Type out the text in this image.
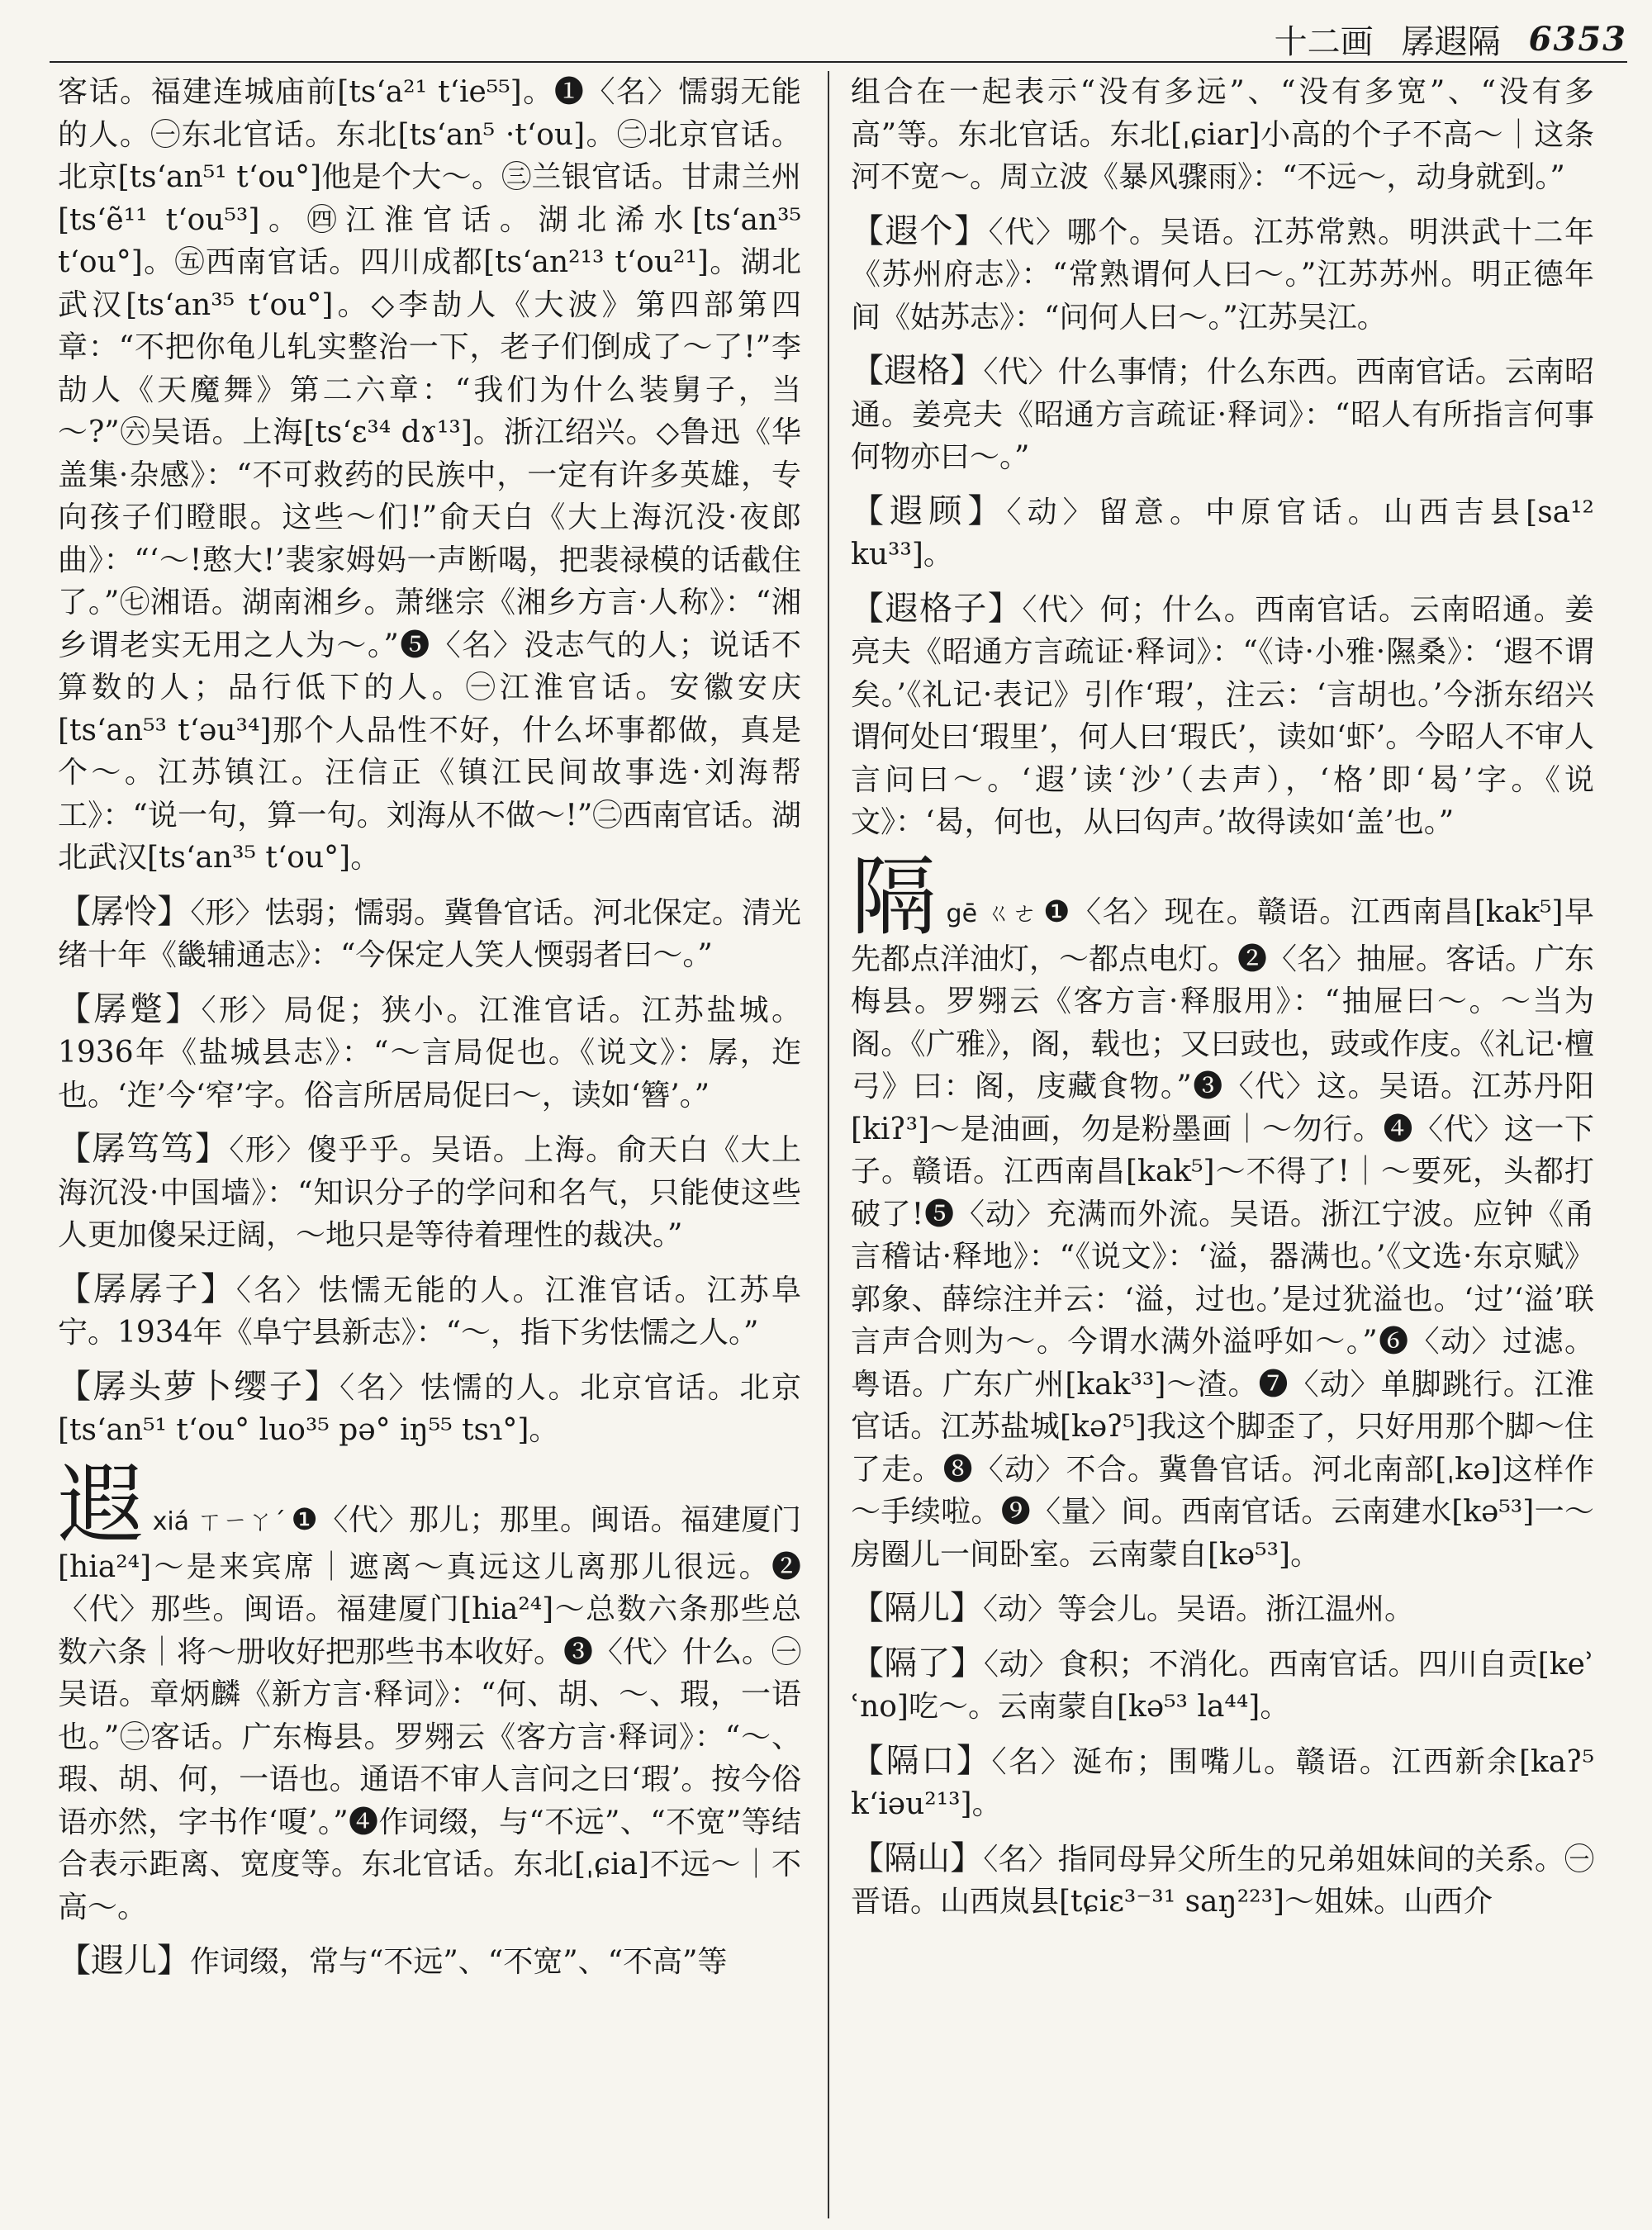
十二画 孱遐隔 6353
客话。福建连城庙前[tsʻa²¹ tʻie⁵⁵]。❶〈名〉懦弱无能的人。㊀东北官话。东北[tsʻan⁵ ·tʻou]。㊁北京官话。北京[tsʻan⁵¹ tʻou°]他是个大～。㊂兰银官话。甘肃兰州[tsʻẽ¹¹ tʻou⁵³]。㊃江淮官话。湖北浠水[tsʻan³⁵ tʻou°]。㊄西南官话。四川成都[tsʻan²¹³ tʻou²¹]。湖北武汉[tsʻan³⁵ tʻou°]。◇李劼人《大波》第四部第四章：“不把你龟儿轧实整治一下，老子们倒成了～了!”李劼人《天魔舞》第二六章：“我们为什么装舅子，当～?”㊅吴语。上海[tsʻɛ³⁴ dɤ¹³]。浙江绍兴。◇鲁迅《华盖集·杂感》：“不可救药的民族中，一定有许多英雄，专向孩子们瞪眼。这些～们!”俞天白《大上海沉没·夜郎曲》：“‘～!憨大!’裴家姆妈一声断喝，把裴禄模的话截住了。”㊆湘语。湖南湘乡。萧继宗《湘乡方言·人称》：“湘乡谓老实无用之人为～。”❺〈名〉没志气的人；说话不算数的人；品行低下的人。㊀江淮官话。安徽安庆[tsʻan⁵³ tʻəu³⁴]那个人品性不好，什么坏事都做，真是个～。江苏镇江。汪信正《镇江民间故事选·刘海帮工》：“说一句，算一句。刘海从不做～!”㊁西南官话。湖北武汉[tsʻan³⁵ tʻou°]。
【孱怜】〈形〉怯弱；懦弱。冀鲁官话。河北保定。清光绪十年《畿辅通志》：“今保定人笑人愞弱者曰～。”
【孱蹩】〈形〉局促；狭小。江淮官话。江苏盐城。1936年《盐城县志》：“～言局促也。《说文》：孱，迮也。‘迮’今‘窄’字。俗言所居局促曰～，读如‘簪’。”
【孱笃笃】〈形〉傻乎乎。吴语。上海。俞天白《大上海沉没·中国墙》：“知识分子的学问和名气，只能使这些人更加傻呆迂阔，～地只是等待着理性的裁决。”
【孱孱子】〈名〉怯懦无能的人。江淮官话。江苏阜宁。1934年《阜宁县新志》：“～，指下劣怯懦之人。”
【孱头萝卜缨子】〈名〉怯懦的人。北京官话。北京[tsʻan⁵¹ tʻou° luo³⁵ pə° iŋ⁵⁵ tsɿ°]。
遐xiá ㄒㄧㄚˊ ❶〈代〉那儿；那里。闽语。福建厦门[hia²⁴]～是来宾席｜遮离～真远这儿离那儿很远。❷〈代〉那些。闽语。福建厦门[hia²⁴]～总数六条那些总数六条｜将～册收好把那些书本收好。❸〈代〉什么。㊀吴语。章炳麟《新方言·释词》：“何、胡、～、瑕，一语也。”㊁客话。广东梅县。罗翙云《客方言·释词》：“～、瑕、胡、何，一语也。通语不审人言问之曰‘瑕’。按今俗语亦然，字书作‘嗄’。”❹作词缀，与“不远”、“不宽”等结合表示距离、宽度等。东北官话。东北[ˌɕia]不远～｜不高～。
【遐儿】作词缀，常与“不远”、“不宽”、“不高”等
组合在一起表示“没有多远”、“没有多宽”、“没有多高”等。东北官话。东北[ˌɕiar]小高的个子不高～｜这条河不宽～。周立波《暴风骤雨》：“不远～，动身就到。”
【遐个】〈代〉哪个。吴语。江苏常熟。明洪武十二年《苏州府志》：“常熟谓何人曰～。”江苏苏州。明正德年间《姑苏志》：“问何人曰～。”江苏吴江。
【遐格】〈代〉什么事情；什么东西。西南官话。云南昭通。姜亮夫《昭通方言疏证·释词》：“昭人有所指言何事何物亦曰～。”
【遐顾】〈动〉留意。中原官话。山西吉县[sa¹² ku³³]。
【遐格子】〈代〉何；什么。西南官话。云南昭通。姜亮夫《昭通方言疏证·释词》：“《诗·小雅·隰桑》：‘遐不谓矣。’《礼记·表记》引作‘瑕’，注云：‘言胡也。’今浙东绍兴谓何处曰‘瑕里’，何人曰‘瑕氏’，读如‘虾’。今昭人不审人言问曰～。‘遐’读‘沙’（去声），‘格’即‘曷’字。《说文》：‘曷，何也，从曰匃声。’故得读如‘盖’也。”
隔gē ㄍㄜ ❶〈名〉现在。赣语。江西南昌[kak⁵]早先都点洋油灯，～都点电灯。❷〈名〉抽屉。客话。广东梅县。罗翙云《客方言·释服用》：“抽屉曰～。～当为阁。《广雅》，阁，载也；又曰豉也，豉或作庋。《礼记·檀弓》曰：阁，庋藏食物。”❸〈代〉这。吴语。江苏丹阳[kiʔ³]～是油画，勿是粉墨画｜～勿行。❹〈代〉这一下子。赣语。江西南昌[kak⁵]～不得了!｜～要死，头都打破了!❺〈动〉充满而外流。吴语。浙江宁波。应钟《甬言稽诂·释地》：“《说文》：‘溢，器满也。’《文选·东京赋》郭象、薛综注并云：‘溢，过也。’是过犹溢也。‘过’‘溢’联言声合则为～。今谓水满外溢呼如～。”❻〈动〉过滤。粤语。广东广州[kak³³]～渣。❼〈动〉单脚跳行。江淮官话。江苏盐城[kəʔ⁵]我这个脚歪了，只好用那个脚～住了走。❽〈动〉不合。冀鲁官话。河北南部[ˌkə]这样作～手续啦。❾〈量〉间。西南官话。云南建水[kə⁵³]一～房圈儿一间卧室。云南蒙自[kə⁵³]。
【隔儿】〈动〉等会儿。吴语。浙江温州。
【隔了】〈动〉食积；不消化。西南官话。四川自贡[keʾ ʿno]吃～。云南蒙自[kə⁵³ la⁴⁴]。
【隔口】〈名〉涎布；围嘴儿。赣语。江西新余[kaʔ⁵ kʻiəu²¹³]。
【隔山】〈名〉指同母异父所生的兄弟姐妹间的关系。㊀晋语。山西岚县[tɕiɛ³⁻³¹ saŋ²²³]～姐妹。山西介
